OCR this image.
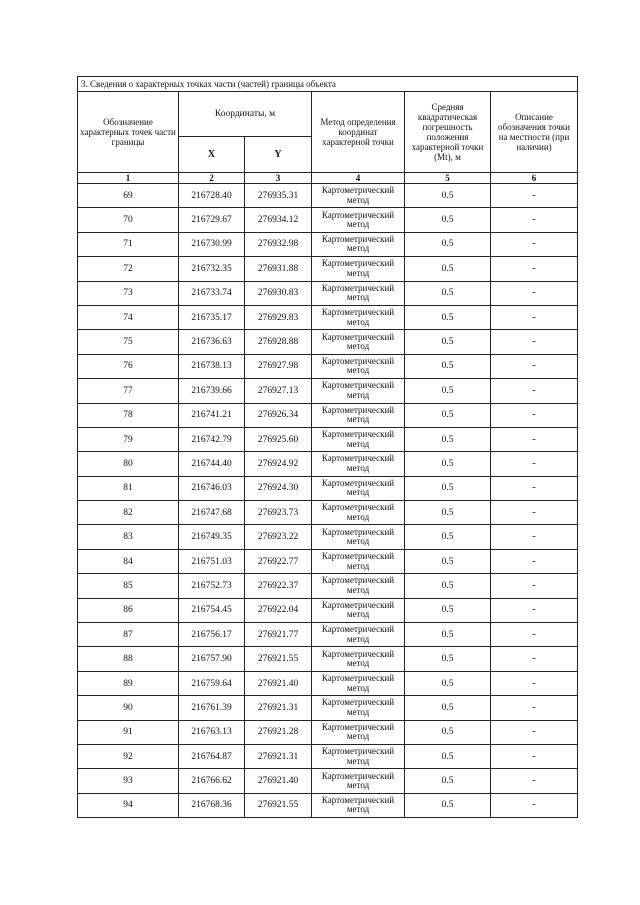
3. Сведения о характерных точках части (частей) границы объекта					
Обозначение характерных точек части границы	Координаты, м		Метод определения координат характерной точки	Средняя квадратическая погрешность положения характерной точки (Mt), м	Описание обозначения точки на местности (при наличии)
	X	Y			
1	2	3	4	5	6
69	216728.40	276935.31	Картометрический метод	0.5	-
70	216729.67	276934.12	Картометрический метод	0.5	-
71	216730.99	276932.98	Картометрический метод	0.5	-
72	216732.35	276931.88	Картометрический метод	0.5	-
73	216733.74	276930.83	Картометрический метод	0.5	-
74	216735.17	276929.83	Картометрический метод	0.5	-
75	216736.63	276928.88	Картометрический метод	0.5	-
76	216738.13	276927.98	Картометрический метод	0.5	-
77	216739.66	276927.13	Картометрический метод	0.5	-
78	216741.21	276926.34	Картометрический метод	0.5	-
79	216742.79	276925.60	Картометрический метод	0.5	-
80	216744.40	276924.92	Картометрический метод	0.5	-
81	216746.03	276924.30	Картометрический метод	0.5	-
82	216747.68	276923.73	Картометрический метод	0.5	-
83	216749.35	276923.22	Картометрический метод	0.5	-
84	216751.03	276922.77	Картометрический метод	0.5	-
85	216752.73	276922.37	Картометрический метод	0.5	-
86	216754.45	276922.04	Картометрический метод	0.5	-
87	216756.17	276921.77	Картометрический метод	0.5	-
88	216757.90	276921.55	Картометрический метод	0.5	-
89	216759.64	276921.40	Картометрический метод	0.5	-
90	216761.39	276921.31	Картометрический метод	0.5	-
91	216763.13	276921.28	Картометрический метод	0.5	-
92	216764.87	276921.31	Картометрический метод	0.5	-
93	216766.62	276921.40	Картометрический метод	0.5	-
94	216768.36	276921.55	Картометрический метод	0.5	-
